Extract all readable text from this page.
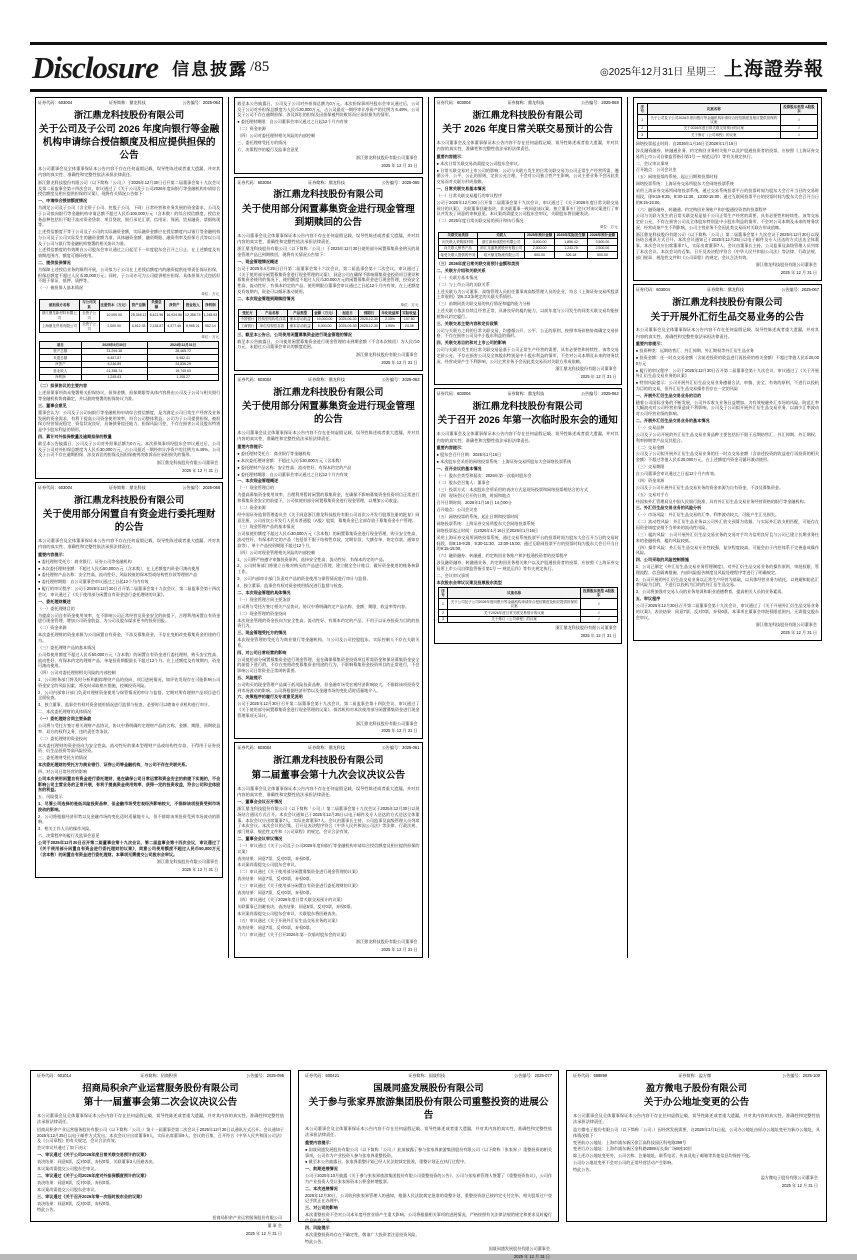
Disclosure 信息披露 /85	◎2025年12月31日 星期三 上海證券報
证券代码：603004	证券简称：鼎龙科技	公告编号：2025-064
浙江鼎龙科技股份有限公司
关于公司及子公司 2026 年度向银行等金融机构申请综合授信额度及相应提供担保的公告
本公司董事会及全体董事保证本公告内容不存在任何虚假记载、误导性陈述或者重大遗漏，并对其内容的真实性、准确性和完整性依法承担法律责任。
浙江鼎龙科技股份有限公司（以下简称「公司」）于2025年12月30日召开第二届董事会第十九次会议及第二届监事会第十四次会议，审议通过了《关于公司及子公司2026年度向银行等金融机构申请综合授信额度及相应提供担保的议案》，现将有关情况公告如下：
一、申请综合授信额度情况
为满足公司及子公司（含全资子公司、控股子公司，下同）日常经营和业务发展的资金需求，公司及子公司拟向银行等金融机构申请总额不超过人民币100,000万元（含本数）的综合授信额度，授信业务品种包括但不限于流动资金贷款、项目贷款、银行承兑汇票、信用证、保函、贸易融资、票据贴现等。
上述授信额度不等于公司及子公司的实际融资金额，实际融资金额应在授信额度内以银行等金融机构与公司及子公司实际发生的融资金额为准，具体融资金额、融资期限、融资利率及担保方式等以公司及子公司与银行等金融机构签署的相关协议为准。
上述授信额度的有效期自公司股东会审议通过之日起至下一年度股东会召开之日止。在上述额度及有效期范围内，额度可循环使用。
二、提供担保情况
为保障上述授信业务的顺利开展，公司拟为子公司在上述授信额度内的融资提供连带责任保证担保，担保总额度不超过人民币30,000万元；同时，子公司亦可为公司提供相应担保。具体担保方式包括但不限于保证、抵押、质押等。
（一）被担保人基本情况
单位：万元
被担保方名称	与公司关系	注册资本（万元）	资产总额	负债总额	净资产	营业收入	净利润
浙江鼎龙新材料有限公司	全资子公司	10,000.00	25,346.12	8,421.56	16,924.56	12,358.74	1,245.63
上海鼎龙贸易有限公司	全资子公司	2,000.00	6,512.33	2,134.87	4,377.46	8,965.21	562.14
单位：万元
项目	2025年9月30日	2024年12月31日
资产总额	31,294.16	28,465.72
负债总额	6,457.87	5,982.41
净资产	5,236.89	24,836.29
营业收入	21,358.74	19,745.63
净利润	1,245.63	1,108.27
（二）担保协议的主要内容
上述担保事项尚未签署相关担保协议，担保金额、担保期限等具体内容将由公司及子公司与相关银行等金融机构协商确定，并以最终签署的担保协议为准。
三、董事会意见
董事会认为：公司及子公司向银行等金融机构申请综合授信额度，是为满足公司日常生产经营及业务发展的资金需求，有利于提高公司资金使用效率，符合公司整体利益。公司为子公司提供担保，被担保方经营情况稳定、资信状况良好，具备债务偿还能力，担保风险可控，不存在损害公司及股东特别是中小股东利益的情形。
四、累计对外担保数量及逾期担保的数量
截至本公告披露日，公司及子公司对外担保总额为0万元。本次担保事项经股东会审议通过后，公司及子公司对外担保总额度为人民币30,000万元，占公司最近一期经审计净资产的比例为 6.49%。公司及子公司不存在逾期担保、涉及诉讼的担保及因担保被判决败诉而应承担损失的情形。
浙江鼎龙科技股份有限公司董事会
2025 年 12 月 31 日
证券代码：603004	证券简称：鼎龙科技	公告编号：2025-066
浙江鼎龙科技股份有限公司
关于使用部分闲置自有资金进行委托理财的公告
本公司董事会及全体董事保证本公告内容不存在任何虚假记载、误导性陈述或者重大遗漏，并对其内容的真实性、准确性和完整性依法承担法律责任。
重要内容提示：
● 委托理财受托方：商业银行、证券公司等金融机构
● 本次委托理财金额：不超过人民币50,000万元（含本数），在上述额度内资金可滚动使用
● 委托理财产品名称：安全性高、流动性好、风险较低的保本型或结构性存款等理财产品
● 委托理财期限：自公司董事会审议通过之日起12个月内有效
● 履行的审议程序：公司于2025年12月30日召开第二届董事会第十九次会议、第二届监事会第十四次会议，审议通过了《关于使用部分闲置自有资金进行委托理财的议案》。
一、委托理财概述
（一）委托理财目的
为提高公司自有资金使用效率，在不影响公司正常经营及资金安全的前提下，合理利用闲置自有资金进行现金管理，增加公司资金收益，为公司及股东谋求更多的投资回报。
（二）资金来源
本次委托理财的资金来源为公司闲置自有资金，不涉及募集资金，不存在变相改变募集资金用途的行为。
（三）委托理财产品的基本情况
公司拟使用额度不超过人民币50,000万元（含本数）的闲置自有资金进行委托理财，购买安全性高、流动性好、有保本约定的理财产品，单笔投资期限最长不超过12个月。在上述额度及有效期内，资金可滚动使用。
（四）公司对委托理财相关风险的内部控制
1、公司财务部门将及时分析和跟踪理财产品的投向、项目进展情况，如评估发现存在可能影响公司资金安全的风险因素，将及时采取相应措施，控制投资风险。
2、公司内部审计部门负责对理财资金使用与保管情况的审计与监督，定期对所有理财产品项目进行全面检查。
3、独立董事、监事会有权对资金使用情况进行监督与检查，必要时可以聘请专业机构进行审计。
二、本次委托理财的具体情况
（一）委托理财合同主要条款
公司将与受托方签订相关理财产品协议，协议中将明确约定理财产品的名称、金额、期限、预期收益率、双方的权利义务、违约责任等条款。
（二）委托理财的资金投向
本次委托理财的资金投向为安全性高、流动性好的保本型理财产品或结构性存款，不得用于证券投资、衍生品投资等高风险投资。
三、委托理财受托方的情况
本次委托理财的受托方为商业银行、证券公司等金融机构，与公司不存在关联关系。
四、对公司日常经营的影响
公司本次使用闲置自有资金进行委托理财，是在确保公司日常运营和资金安全的前提下实施的，不会影响公司主营业务的正常开展，有利于提高资金使用效率，获得一定的投资收益，符合公司和全体股东的利益。
五、风险提示
1、尽管公司选择的是低风险投资品种，但金融市场受宏观经济影响较大，不排除该项投资受到市场波动的影响。
2、公司将根据经济形势以及金融市场的变化适时适量地介入，但不排除该项投资受到市场波动的影响。
3、相关工作人员的操作风险。
六、决策程序的履行及监事会意见
公司于2025年12月30日召开第二届董事会第十九次会议、第二届监事会第十四次会议，审议通过了《关于使用部分闲置自有资金进行委托理财的议案》，同意公司使用额度不超过人民币50,000万元（含本数）的闲置自有资金进行委托理财。本事项无需提交公司股东会审议。
浙江鼎龙科技股份有限公司董事会
2025 年 12 月 31 日
截至本公告披露日，公司及子公司对外担保总额为0万元。本次担保事项经股东会审议通过后，公司及子公司对外担保总额度为人民币30,000万元，占公司最近一期经审计净资产的比例为 6.49%。公司及子公司不存在逾期担保、涉及诉讼的担保及因担保被判决败诉而应承担损失的情形。
● 委托理财期限：自公司董事会审议通过之日起12个月内有效
（二）资金来源
（四）公司对委托理财相关风险的内部控制
三、委托理财受托方的情况
六、决策程序的履行及监事会意见
浙江鼎龙科技股份有限公司董事会
2025 年 12 月 31 日
证券代码：603004	证券简称：鼎龙科技	公告编号：2025-065
浙江鼎龙科技股份有限公司
关于使用部分闲置募集资金进行现金管理到期赎回的公告
本公司董事会及全体董事保证本公告内容不存在任何虚假记载、误导性陈述或者重大遗漏，并对其内容的真实性、准确性和完整性依法承担法律责任。
浙江鼎龙科技股份有限公司（以下简称「公司」）于2025年12月30日使用部分闲置募集资金购买的现金管理产品已到期赎回，现将有关情况公告如下：
一、现金管理情况概述
公司于2025年4月25日召开第二届董事会第十六次会议、第二届监事会第十二次会议，审议通过了《关于使用部分闲置募集资金进行现金管理的议案》，同意公司在确保不影响募集资金投资项目建设和募集资金使用的情况下，使用额度不超过人民币30,000万元的闲置募集资金进行现金管理，投资安全性高、流动性好、有保本约定的产品，使用期限自董事会审议通过之日起12个月内有效，在上述额度及有效期内，资金可以循环滚动使用。
二、本次现金管理到期赎回情况
单位：万元
受托方	产品名称	产品类型	金额（万元）	起息日	到期日	年化收益率	实际收益
中国银行	挂钩型结构性存款	保本浮动收益	10,000.00	2025-06-30	2025-12-30	2.15%	107.50
工商银行	单位结构性存款	保本浮动收益	5,000.00	2025-09-30	2025-12-30	1.95%	24.38
三、截至本公告日，公司使用闲置募集资金进行现金管理的情况
截至本公告披露日，公司使用闲置募集资金进行现金管理的未到期金额（不含本次赎回）为人民币0万元，未超过公司董事会审议的额度范围。
浙江鼎龙科技股份有限公司董事会
2025 年 12 月 31 日
证券代码：603004	证券简称：鼎龙科技	公告编号：2025-063
浙江鼎龙科技股份有限公司
关于使用部分闲置募集资金进行现金管理的公告
本公司董事会及全体董事保证本公告内容不存在任何虚假记载、误导性陈述或者重大遗漏，并对其内容的真实性、准确性和完整性依法承担法律责任。
重要内容提示：
● 委托理财受托方：商业银行等金融机构
● 本次委托理财金额：不超过人民币30,000万元（含本数）
● 委托理财产品名称：安全性高、流动性好、有保本约定的产品
● 委托理财期限：自公司董事会审议通过之日起12个月内有效
一、本次现金管理概述
（一）现金管理目的
为提高募集资金使用效率，合理利用暂时闲置的募集资金，在确保不影响募集资金投资项目正常进行和募集资金安全的前提下，公司拟使用部分闲置募集资金进行现金管理，以增加公司收益。
（二）资金来源
经中国证券监督管理委员会《关于同意浙江鼎龙科技股份有限公司首次公开发行股票注册的批复》同意注册，公司首次公开发行人民币普通股（A股）股票，募集资金已全部存放于募集资金专户管理。
（三）现金管理产品的基本情况
公司拟使用额度不超过人民币30,000万元（含本数）的闲置募集资金进行现金管理，购买安全性高、流动性好、有保本约定的产品（包括但不限于结构性存款、定期存款、大额存单、协定存款、通知存款等），单个产品投资期限不超过12个月。
（四）公司对现金管理相关风险的内部控制
1、公司将严格遵守审慎投资原则，选择安全性高、流动性好、有保本约定的产品。
2、公司财务部门将建立台账对购买的产品进行管理，建立健全会计账目，做好资金使用的账务核算工作。
3、公司内部审计部门负责对产品的资金使用与保管情况进行审计与监督。
4、独立董事、监事会有权对资金使用情况进行监督与检查。
二、本次现金管理的具体情况
（一）现金管理合同主要条款
公司将与受托方签订相关产品协议，协议中将明确约定产品名称、金额、期限、收益率等内容。
（二）现金管理的资金投向
本次现金管理的资金投向为安全性高、流动性好、有保本约定的产品，不用于以证券投资为目的的投资行为。
三、现金管理受托方的情况
本次现金管理的受托方为商业银行等金融机构，与公司及公司控股股东、实际控制人不存在关联关系。
四、对公司日常经营的影响
公司使用部分闲置募集资金进行现金管理，是在确保募集资金投资项目所需资金和保证募集资金安全的前提下进行的，不存在变相改变募集资金用途的行为，不影响募集资金投资项目的正常进行，不会影响公司日常资金正常周转需要。
五、风险提示
公司购买的现金管理产品属于低风险投资品种，但金融市场受宏观经济影响较大，不排除该项投资受到市场波动的影响。公司将根据经济形势以及金融市场的变化适时适量地介入。
六、决策程序的履行及专项意见说明
公司于2025年12月30日召开第二届董事会第十九次会议、第二届监事会第十四次会议，审议通过了《关于使用部分闲置募集资金进行现金管理的议案》。保荐机构对本次使用部分闲置募集资金进行现金管理事项无异议。
浙江鼎龙科技股份有限公司董事会
2025 年 12 月 31 日
证券代码：603004	证券简称：鼎龙科技	公告编号：2025-061
浙江鼎龙科技股份有限公司
第二届董事会第十九次会议决议公告
本公司董事会及全体董事保证本公告内容不存在任何虚假记载、误导性陈述或者重大遗漏，并对其内容的真实性、准确性和完整性依法承担法律责任。
一、董事会会议召开情况
浙江鼎龙科技股份有限公司（以下简称「公司」）第二届董事会第十九次会议于2025年12月30日以现场结合通讯方式召开。本次会议通知已于2025年12月25日以电子邮件及专人送达的方式送达全体董事。本次会议应出席董事7人，实际出席董事7人。会议由董事长主持，公司监事及高级管理人员列席了本次会议。本次会议的召集、召开及表决程序符合《中华人民共和国公司法》等法律、行政法规、部门规章、规范性文件和《公司章程》的规定，会议合法有效。
二、董事会会议审议情况
（一）审议通过《关于公司及子公司2026年度向银行等金融机构申请综合授信额度及相应提供担保的议案》
表决结果：同意7票，反对0票，弃权0票。
本议案尚需提交公司股东会审议。
（二）审议通过《关于使用部分闲置募集资金进行现金管理的议案》
表决结果：同意7票，反对0票，弃权0票。
（三）审议通过《关于使用部分闲置自有资金进行委托理财的议案》
表决结果：同意7票，反对0票，弃权0票。
（四）审议通过《关于2026年度日常关联交易预计的议案》
关联董事已回避表决，表决结果：同意5票，反对0票，弃权0票。
本议案尚需提交公司股东会审议，关联股东将回避表决。
（五）审议通过《关于开展外汇衍生品交易业务的议案》
表决结果：同意7票，反对0票，弃权0票。
（六）审议通过《关于召开2026年第一次临时股东会的议案》
浙江鼎龙科技股份有限公司董事会
2025 年 12 月 31 日
证券代码：603004	证券简称：鼎龙科技	公告编号：2025-068
浙江鼎龙科技股份有限公司
关于 2026 年度日常关联交易预计的公告
本公司董事会及全体董事保证本公告内容不存在任何虚假记载、误导性陈述或者重大遗漏，并对其内容的真实性、准确性和完整性依法承担法律责任。
重要内容提示：
● 本次日常关联交易尚需提交公司股东会审议。
● 日常关联交易对上市公司的影响：公司与关联方发生的日常关联交易为公司正常生产经营所需，遵循公开、公平、公正的原则，定价公允合理，不会对公司独立性产生影响，公司主要业务不会因此类交易而对关联方形成依赖。
一、日常关联交易基本情况
（一）日常关联交易履行的审议程序
公司于2025年12月30日召开第二届董事会第十九次会议，审议通过了《关于2026年度日常关联交易预计的议案》，关联董事回避表决，非关联董事一致同意该议案。独立董事专门会议对该议案进行了审议并发表了同意的审核意见。本议案尚需提交公司股东会审议，关联股东将回避表决。
（二）2025年度日常关联交易的预计和执行情况
单位：万元
关联交易类别	关联人	2025年预计金额	2025年实际发生额	2026年预计金额
向关联人采购原材料	浙江新和成股份有限公司	3,000.00	1,856.42	3,500.00
向关联人销售产品	浙江龙盛集团股份有限公司	2,000.00	1,243.75	2,500.00
接受关联人提供的劳务	绍兴鼎龙物流有限公司	500.00	326.18	600.00
（三）2026年度日常关联交易预计金额和类别
二、关联方介绍和关联关系
（一）关联方基本情况
（二）与上市公司的关联关系
上述关联方为公司董事、高级管理人员担任董事或高级管理人员的企业，符合《上海证券交易所股票上市规则》第6.3.3条规定的关联关系情形。
（三）前期同类关联交易的执行情况和履约能力分析
上述关联方依法存续且经营正常，具备良好的履约能力，以前年度与公司发生的同类关联交易均能按照协议约定履行。
三、关联交易主要内容和定价政策
公司与关联方之间的日常关联交易，均遵循公开、公平、公正的原则，按照市场价格协商确定交易价格，不存在损害公司及中小股东利益的情形。
四、关联交易目的和对上市公司的影响
公司与关联方发生的日常关联交易是基于公司正常生产经营的需要，具有必要性和持续性。该等交易定价公允，不存在损害公司及全体股东特别是中小股东利益的情形，不会对公司本期及未来的财务状况、经营成果产生不利影响，公司主营业务不会因此类交易而对关联方形成依赖。
浙江鼎龙科技股份有限公司董事会
2025 年 12 月 31 日
证券代码：603004	证券简称：鼎龙科技	公告编号：2025-062
浙江鼎龙科技股份有限公司
关于召开 2026 年第一次临时股东会的通知
本公司董事会及全体董事保证本公告内容不存在任何虚假记载、误导性陈述或者重大遗漏，并对其内容的真实性、准确性和完整性依法承担法律责任。
重要内容提示：
● 股东会召开日期：2026年1月16日
● 本次股东会采用的网络投票系统：上海证券交易所股东大会网络投票系统
一、召开会议的基本情况
（一）股东会类型和届次：2026年第一次临时股东会
（二）股东会召集人：董事会
（三）投票方式：本次股东会所采用的表决方式是现场投票和网络投票相结合的方式
（四）现场会议召开的日期、时间和地点
召开日期时间：2026年1月16日 14点00分
召开地点：公司会议室
（五）网络投票的系统、起止日期和投票时间
网络投票系统：上海证券交易所股东大会网络投票系统
网络投票起止时间：自2026年1月16日至2026年1月16日
采用上海证券交易所网络投票系统，通过交易系统投票平台的投票时间为股东大会召开当日的交易时间段，即9:15-9:25、9:30-11:30、13:00-15:00；通过互联网投票平台的投票时间为股东大会召开当日的9:15-15:00。
（六）融资融券、转融通、约定购回业务账户和沪股通投资者的投票程序
涉及融资融券、转融通业务、约定购回业务相关账户以及沪股通投资者的投票，应按照《上海证券交易所上市公司自律监管指引第1号 — 规范运作》等有关规定执行。
二、会议审议事项
本次股东会审议议案及投票股东类型
序号	议案名称	投票股东类型 A股股东
1	关于公司及子公司2026年度向银行等金融机构申请综合授信额度及相应提供担保的议案	√
2	关于2026年度日常关联交易预计的议案	√
3	关于修订《公司章程》的议案	√
浙江鼎龙科技股份有限公司董事会
2025 年 12 月 31 日
序号	议案名称	投票股东类型 A股股东
1	关于公司及子公司2026年度向银行等金融机构申请综合授信额度及相应提供担保的议案	√
2	关于2026年度日常关联交易预计的议案	√
3	关于修订《公司章程》的议案	√
网络投票起止时间：自2026年1月16日至2026年1月16日
涉及融资融券、转融通业务、约定购回业务相关账户以及沪股通投资者的投票，应按照《上海证券交易所上市公司自律监管指引第1号 — 规范运作》等有关规定执行。
二、会议审议事项
召开地点：公司会议室
（五）网络投票的系统、起止日期和投票时间
网络投票系统：上海证券交易所股东大会网络投票系统
采用上海证券交易所网络投票系统，通过交易系统投票平台的投票时间为股东大会召开当日的交易时间段，即9:15-9:25、9:30-11:30、13:00-15:00；通过互联网投票平台的投票时间为股东大会召开当日的9:15-15:00。
（六）融资融券、转融通、约定购回业务账户和沪股通投资者的投票程序
公司与关联方发生的日常关联交易是基于公司正常生产经营的需要，具有必要性和持续性。该等交易定价公允，不存在损害公司及全体股东特别是中小股东利益的情形，不会对公司本期及未来的财务状况、经营成果产生不利影响，公司主营业务不会因此类交易而对关联方形成依赖。
浙江鼎龙科技股份有限公司（以下简称「公司」）第二届董事会第十九次会议于2025年12月30日以现场结合通讯方式召开。本次会议通知已于2025年12月25日以电子邮件及专人送达的方式送达全体董事。本次会议应出席董事7人，实际出席董事7人。会议由董事长主持，公司监事及高级管理人员列席了本次会议。本次会议的召集、召开及表决程序符合《中华人民共和国公司法》等法律、行政法规、部门规章、规范性文件和《公司章程》的规定，会议合法有效。
浙江鼎龙科技股份有限公司董事会
2025 年 12 月 31 日
证券代码：603004	证券简称：鼎龙科技	公告编号：2025-067
浙江鼎龙科技股份有限公司
关于开展外汇衍生品交易业务的公告
本公司董事会及全体董事保证本公告内容不存在任何虚假记载、误导性陈述或者重大遗漏，并对其内容的真实性、准确性和完整性依法承担法律责任。
重要内容提示：
● 投资种类：远期结售汇、外汇掉期、外汇期权等外汇衍生品业务
● 投资金额：任一时点交易金额（含前述投资的收益进行再投资的相关金额）不超过等值人民币20,000万元
● 履行的审议程序：公司于2025年12月30日召开第二届董事会第十九次会议，审议通过了《关于开展外汇衍生品交易业务的议案》
● 特别风险提示：公司开展外汇衍生品交易业务遵循合法、审慎、安全、有效的原则，不进行以投机为目的的交易，但外汇衍生品交易操作仍存在一定的风险
一、开展外汇衍生品交易业务的目的
随着公司国际业务的不断发展，公司外币收支业务日益增加。为有效规避外汇市场的风险，防范汇率大幅波动对公司经营业绩造成不利影响，公司及子公司拟开展外汇衍生品交易业务，以减少汇率波动对公司经营业绩的影响。
二、开展外汇衍生品交易业务的基本情况
（一）交易品种
公司及子公司开展的外汇衍生品交易业务品种主要包括但不限于远期结售汇、外汇掉期、外汇期权、利率掉期等产品及其组合。
（二）交易金额
公司及子公司拟开展外汇衍生品交易业务的任一时点交易金额（含前述投资的收益进行再投资的相关金额）不超过等值人民币20,000万元，在上述额度内资金可循环滚动使用。
（三）交易期限
自公司董事会审议通过之日起12个月内有效。
（四）资金来源
公司及子公司开展外汇衍生品交易业务的资金来源为自有资金，不涉及募集资金。
（五）交易对手方
经国家外汇管理局及中国人民银行批准、具有外汇衍生品交易业务经营资格的银行等金融机构。
三、外汇衍生品交易业务的风险分析
（一）市场风险：外汇衍生品交易的汇率、利率波动较大，可能产生汇兑损失。
（二）流动性风险：外汇衍生品业务以公司外汇收支预算为依据，与实际外汇收支相匹配，可能存在因资金调度安排不当带来的流动性风险。
（三）履约风险：公司开展外汇衍生品交易业务的交易对手均为信用良好且与公司已建立长期业务往来的金融机构，履约风险较低。
（四）操作风险：外汇衍生品交易专业性较强，复杂程度较高，可能会由于内控体系不完善造成操作风险。
四、公司采取的风险控制措施
1、公司已制定《外汇衍生品交易业务管理制度》，对外汇衍生品交易业务的操作原则、审批权限、管理流程、信息隔离措施、内部风险报告制度及风险处理程序等进行了明确规定。
2、公司开展的外汇衍生品交易业务以正常生产经营为基础，以具体经营业务为依托，以规避和防范汇率风险为目的，不进行以投机为目的的外汇衍生品交易。
3、公司将加强对交易人员的业务培训和职业道德教育，提高相关人员的业务素质。
五、审议程序
公司于2025年12月30日召开第二届董事会第十九次会议，审议通过了《关于开展外汇衍生品交易业务的议案》，表决结果：同意7票，反对0票，弃权0票。本事项在董事会审批权限范围内，无需提交股东会审议。
浙江鼎龙科技股份有限公司董事会
2025 年 12 月 31 日
证券代码：601014	证券简称：招商积余	公告编号：2025-095
招商局积余产业运营服务股份有限公司
第十一届董事会第二次会议决议公告
本公司董事会及全体董事保证本公告内容不存在任何虚假记载、误导性陈述或者重大遗漏，并对其内容的真实性、准确性和完整性依法承担法律责任。
招商局积余产业运营服务股份有限公司（以下简称「公司」）第十一届董事会第二次会议于2025年12月30日以通讯方式召开。会议通知于2025年12月25日以电子邮件方式发出。本次会议应出席董事9人，实际出席董事9人。会议的召集、召开符合《中华人民共和国公司法》及《公司章程》的有关规定，会议合法有效。
会议审议并通过了如下决议：
一、审议通过《关于公司2026年度日常关联交易预计的议案》
表决结果：同意6票，反对0票，弃权0票，关联董事3人回避表决。
本议案尚需提交公司股东会审议。
二、审议通过《关于公司2026年度对外担保额度预计的议案》
表决结果：同意9票，反对0票，弃权0票。
本议案尚需提交公司股东会审议。
三、审议通过《关于召开2026年第一次临时股东会的议案》
表决结果：同意9票，反对0票，弃权0票。
特此公告。
招商局积余产业运营服务股份有限公司
董 事 会
2025 年 12 月 31 日
证券代码：600421	证券简称：国晟科技	公告编号：2025-077
国晟同盛发展股份有限公司
关于参与张家界旅游集团股份有限公司重整投资的进展公告
本公司董事会及全体董事保证本公告内容不存在任何虚假记载、误导性陈述或者重大遗漏，并对其内容的真实性、准确性和完整性依法承担法律责任。
重要内容提示：
● 国晟同盛发展股份有限公司（以下简称「公司」）此前披露了参与张家界旅游集团股份有限公司（以下简称「张家界」）重整投资的相关事项，公司作为产业投资人参与张家界重整投资。
● 截至本公告披露日，张家界重整计划已经人民法院裁定批准，重整计划正在执行过程中。
一、前期进展情况
公司于2025年10月披露《关于参与张家界旅游集团股份有限公司重整投资的公告》，公司与张家界管理人签署了《重整投资协议》，公司作为产业投资人受让张家界资本公积金转增股票。
二、本次进展情况
2025年12月30日，公司收到张家界管理人的通知，根据人民法院裁定批准的重整计划，重整投资款已按约定支付完毕，相关股票过户登记手续正在办理中。
三、对公司的影响
本次重整投资不会对公司本年度经营业绩产生重大影响。公司将根据相关事项的进展情况，严格按照有关法律法规的规定和要求及时履行信息披露义务。
四、风险提示
本次重整投资尚存在不确定性，敬请广大投资者注意投资风险。
特此公告。
国晟同盛发展股份有限公司董事会
2025 年 12 月 31 日
证券代码：688899	证券简称：盈方微	公告编号：2025-100
盈方微电子股份有限公司
关于办公地址变更的公告
本公司董事会及全体董事保证本公告内容不存在任何虚假记载、误导性陈述或者重大遗漏，并对其内容的真实性、准确性和完整性依法承担法律责任。
盈方微电子股份有限公司（以下简称「公司」）因经营发展需要，自2026年1月1日起，公司办公地址由原办公地址变更为新办公地址，具体情况如下：
变更前办公地址：上海市浦东新区张江高科技园区科苑路399号
变更后办公地址：上海市浦东新区金科路2889弄长泰广场B座10层
除上述办公地址变更外，公司名称、注册地址、联系电话、传真及电子邮箱等其他信息均保持不变。
公司办公地址变更不会对公司的正常经营活动产生影响。
特此公告。
盈方微电子股份有限公司董事会
2025 年 12 月 31 日
